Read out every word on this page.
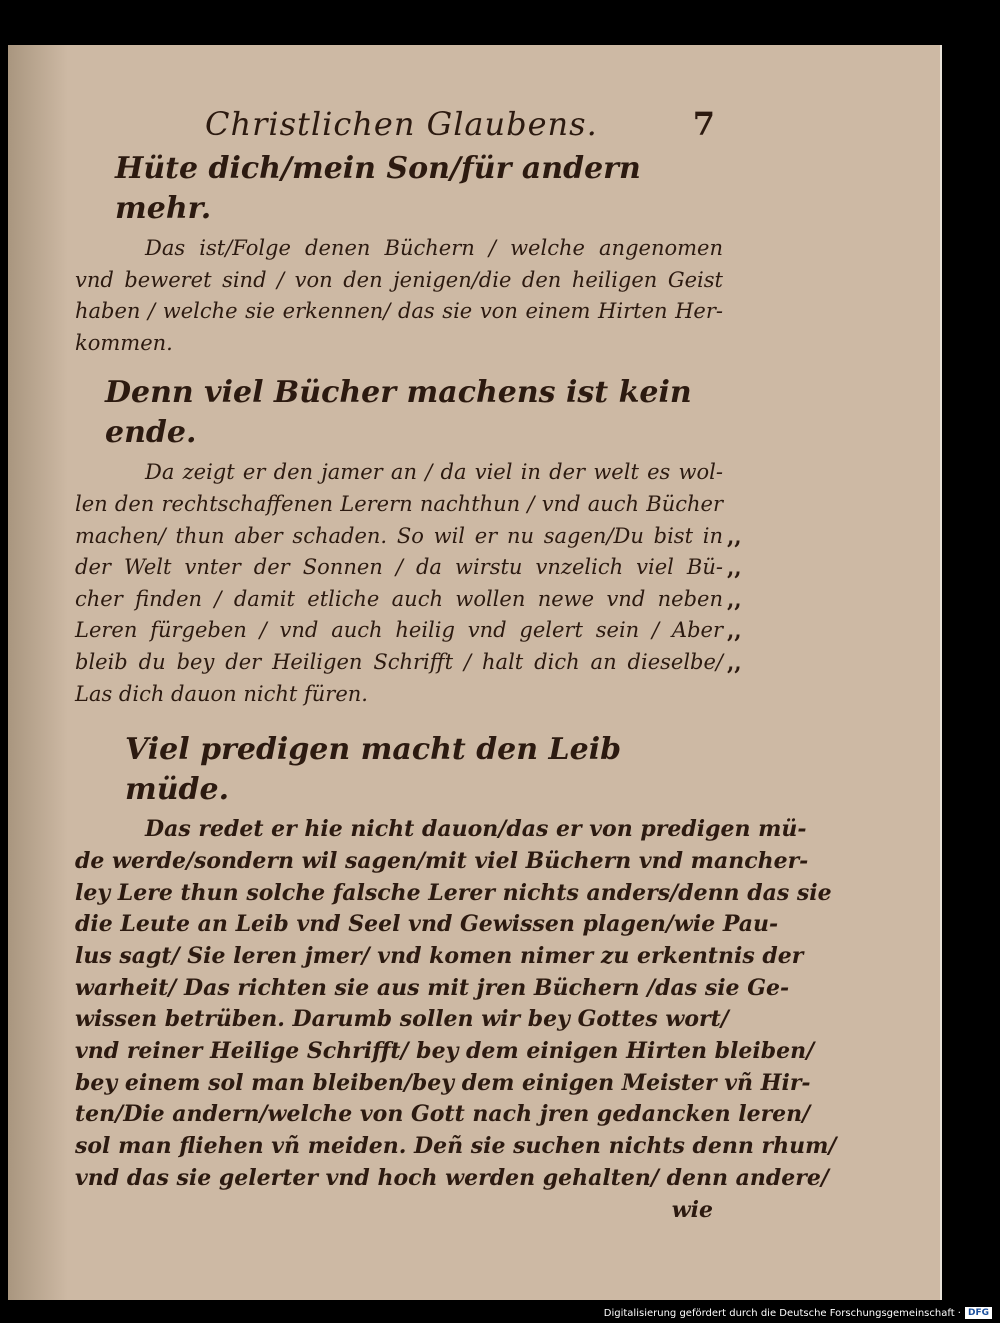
Christlichen Glaubens.	7
Hüte dich/mein Son/für andern mehr.
Das ist/Folge denen Büchern / welche angenomen
vnd beweret sind / von den jenigen/die den heiligen Geist
haben / welche sie erkennen/ das sie von einem Hirten Her-
kommen.
Denn viel Bücher machens ist kein ende.
Da zeigt er den jamer an / da viel in der welt es wol-
len den rechtschaffenen Lerern nachthun / vnd auch Bücher
machen/ thun aber schaden. So wil er nu sagen/Du bist in ,,
der Welt vnter der Sonnen / da wirstu vnzelich viel Bü- ,,
cher finden / damit etliche auch wollen newe vnd neben ,,
Leren fürgeben / vnd auch heilig vnd gelert sein / Aber ,,
bleib du bey der Heiligen Schrifft / halt dich an dieselbe/ ,,
Las dich dauon nicht füren.
Viel predigen macht den Leib müde.
Das redet er hie nicht dauon/das er von predigen mü-
de werde/sondern wil sagen/mit viel Büchern vnd mancher-
ley Lere thun solche falsche Lerer nichts anders/denn das sie
die Leute an Leib vnd Seel vnd Gewissen plagen/wie Pau-
lus sagt/ Sie leren jmer/ vnd komen nimer zu erkentnis der
warheit/ Das richten sie aus mit jren Büchern /das sie Ge-
wissen betrüben. Darumb sollen wir bey Gottes wort/
vnd reiner Heilige Schrifft/ bey dem einigen Hirten bleiben/
bey einem sol man bleiben/bey dem einigen Meister vñ Hir-
ten/Die andern/welche von Gott nach jren gedancken leren/
sol man fliehen vñ meiden. Deñ sie suchen nichts denn rhum/
vnd das sie gelerter vnd hoch werden gehalten/ denn andere/
wie
Digitalisierung gefördert durch die Deutsche Forschungsgemeinschaft · DFG
